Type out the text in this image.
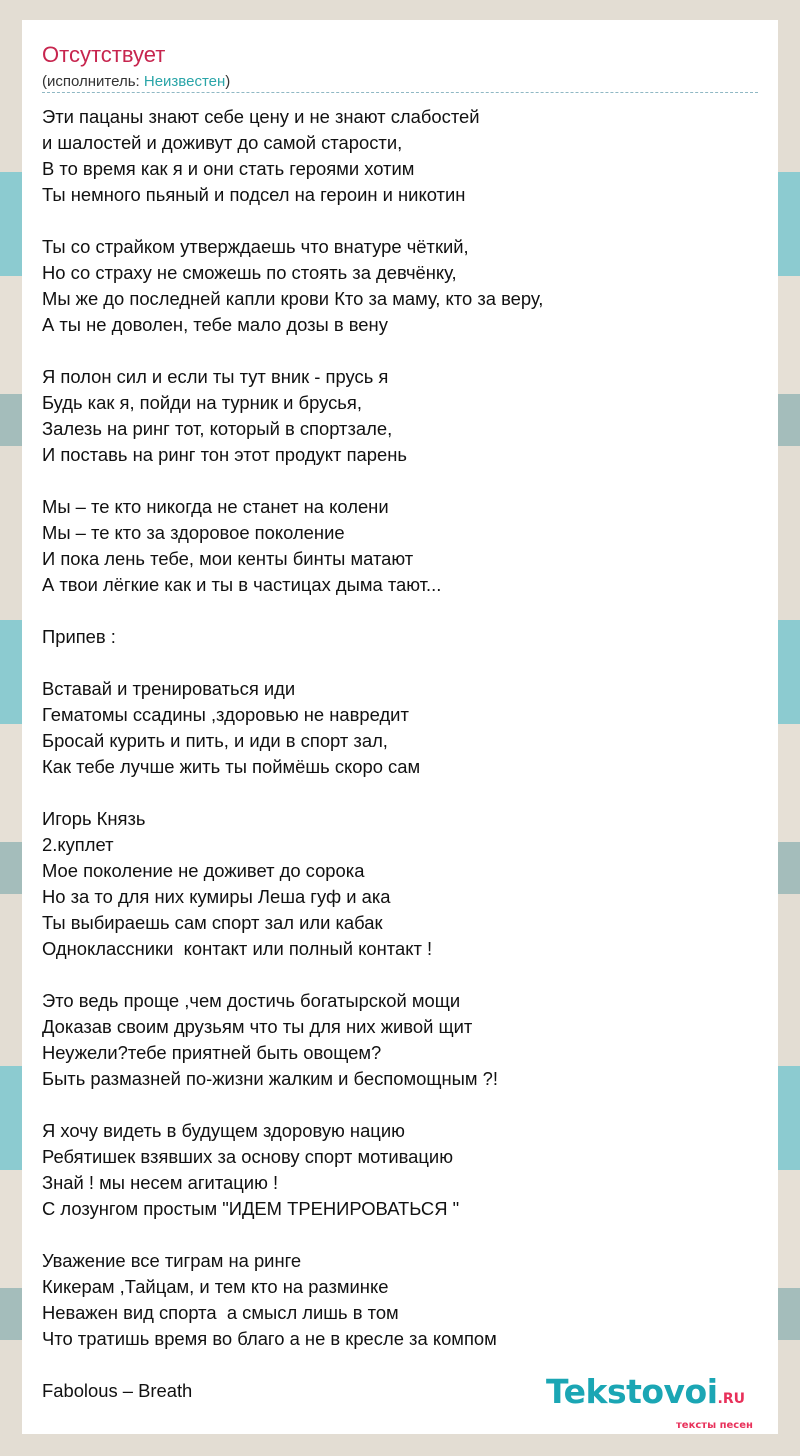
Отсутствует
(исполнитель: Неизвестен)
Эти пацаны знают себе цену и не знают слабостей
и шалостей и доживут до самой старости,
В то время как я и они стать героями хотим
Ты немного пьяный и подсел на героин и никотин
Ты со страйком утверждаешь что внатуре чёткий,
Но со страху не сможешь по стоять за девчёнку,
Мы же до последней капли крови Кто за маму, кто за веру,
А ты не доволен, тебе мало дозы в вену
Я полон сил и если ты тут вник - прусь я
Будь как я, пойди на турник и брусья,
Залезь на ринг тот, который в спортзале,
И поставь на ринг тон этот продукт парень
Мы – те кто никогда не станет на колени
Мы – те кто за здоровое поколение
И пока лень тебе, мои кенты бинты матают
А твои лёгкие как и ты в частицах дыма тают...
Припев :
Вставай и тренироваться иди
Гематомы ссадины ,здоровью не навредит
Бросай курить и пить, и иди в спорт зал,
Как тебе лучше жить ты поймёшь скоро сам
Игорь Князь
2.куплет
Мое поколение не доживет до сорока
Но за то для них кумиры Леша гуф и ака
Ты выбираешь сам спорт зал или кабак
Одноклассники  контакт или полный контакт !
Это ведь проще ,чем достичь богатырской мощи
Доказав своим друзьям что ты для них живой щит
Неужели?тебе приятней быть овощем?
Быть размазней по-жизни жалким и беспомощным ?!
Я хочу видеть в будущем здоровую нацию
Ребятишек взявших за основу спорт мотивацию
Знай ! мы несем агитацию !
С лозунгом простым "ИДЕМ ТРЕНИРОВАТЬСЯ "
Уважение все тиграм на ринге
Кикерам ,Тайцам, и тем кто на разминке
Неважен вид спорта  а смысл лишь в том
Что тратишь время во благо а не в кресле за компом
Fabolous – Breath	Tekstovoi.RU
тексты песен
